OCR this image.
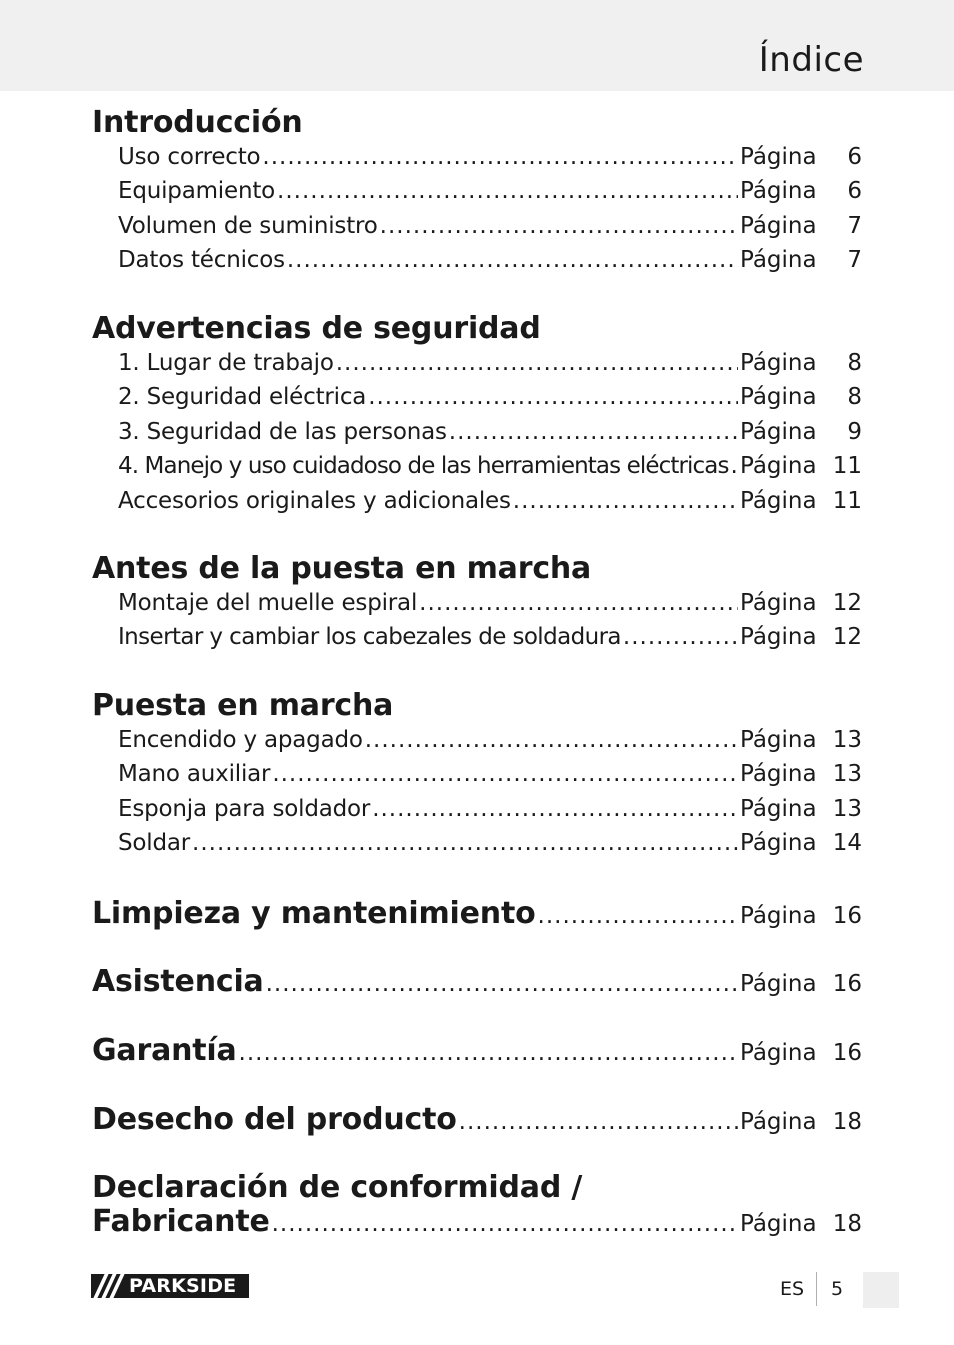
Índice
Introducción
Uso correcto .....	Página	6
Equipamiento .....	Página	6
Volumen de suministro .....	Página	7
Datos técnicos .....	Página	7
Advertencias de seguridad
1. Lugar de trabajo .....	Página	8
2. Seguridad eléctrica .....	Página	8
3. Seguridad de las personas .....	Página	9
4. Manejo y uso cuidadoso de las herramientas eléctricas ..... Página 11
Accesorios originales y adicionales .....	Página 11
Antes de la puesta en marcha
Montaje del muelle espiral .....	Página 12
Insertar y cambiar los cabezales de soldadura .....	Página 12
Puesta en marcha
Encendido y apagado .....	Página 13
Mano auxiliar .....	Página 13
Esponja para soldador .....	Página 13
Soldar .....	Página 14
Limpieza y mantenimiento .....	Página 16
Asistencia .....	Página 16
Garantía .....	Página 16
Desecho del producto .....	Página 18
Declaración de conformidad /
Fabricante .....	Página 18
PARKSIDE	ES 5
